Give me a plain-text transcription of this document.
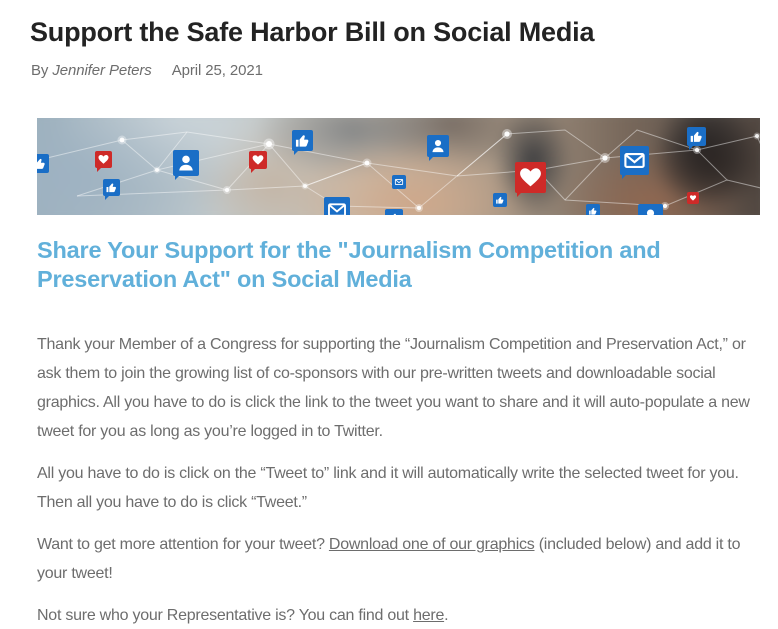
Support the Safe Harbor Bill on Social Media
By Jennifer Peters April 25, 2021
Share Your Support for the "Journalism Competition and Preservation Act" on Social Media

Thank your Member of a Congress for supporting the “Journalism Competition and Preservation Act,” or ask them to join the growing list of co-sponsors with our pre-written tweets and downloadable social graphics. All you have to do is click the link to the tweet you want to share and it will auto-populate a new tweet for you as long as you’re logged in to Twitter.

All you have to do is click on the “Tweet to” link and it will automatically write the selected tweet for you. Then all you have to do is click “Tweet.”

Want to get more attention for your tweet? Download one of our graphics (included below) and add it to your tweet!

Not sure who your Representative is? You can find out here.
